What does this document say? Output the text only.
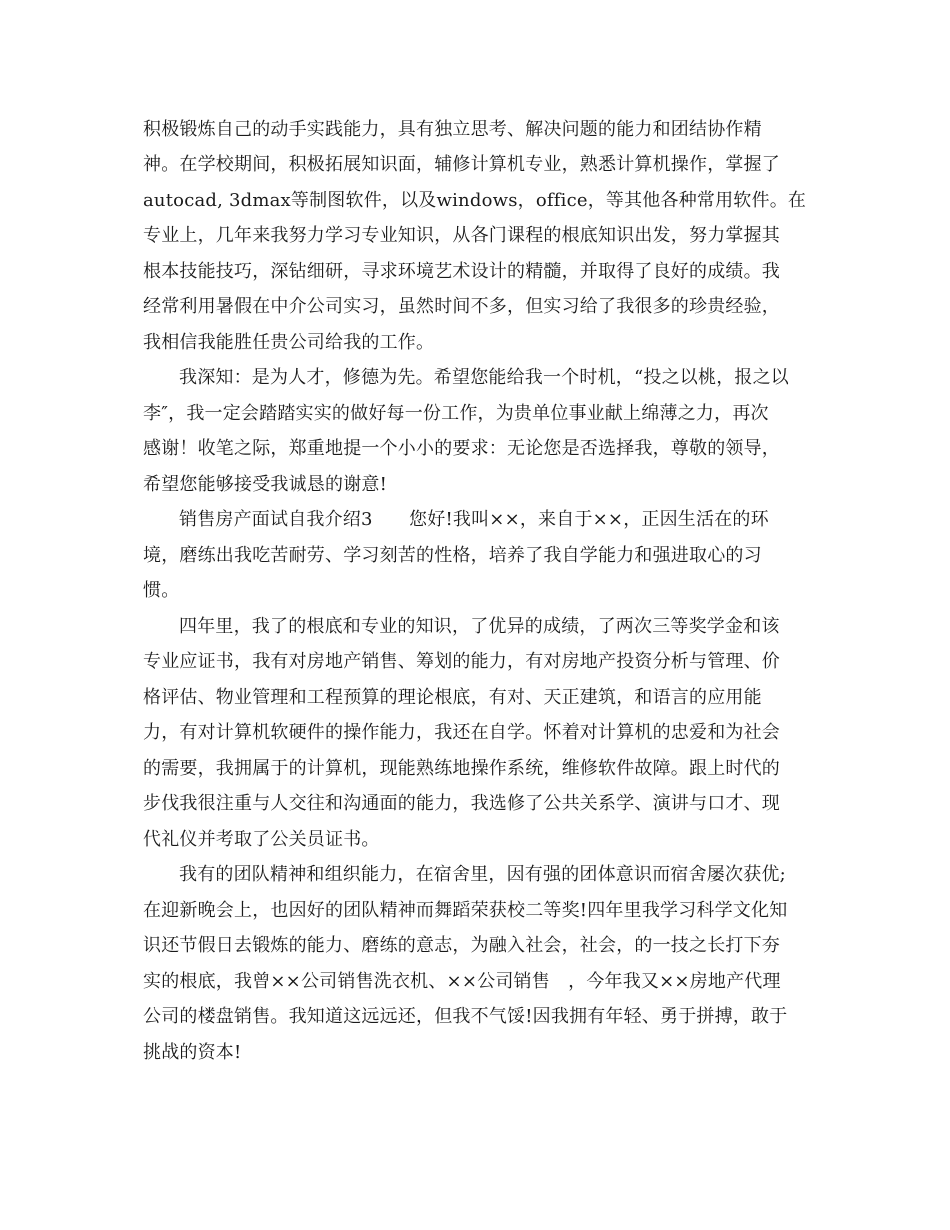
积极锻炼自己的动手实践能力，具有独立思考、解决问题的能力和团结协作精
神。在学校期间，积极拓展知识面，辅修计算机专业，熟悉计算机操作，掌握了
autocad, 3dmax等制图软件，以及windows，office，等其他各种常用软件。在
专业上，几年来我努力学习专业知识，从各门课程的根底知识出发，努力掌握其
根本技能技巧，深钻细研，寻求环境艺术设计的精髓，并取得了良好的成绩。我
经常利用暑假在中介公司实习，虽然时间不多，但实习给了我很多的珍贵经验，
我相信我能胜任贵公司给我的工作。
我深知：是为人才，修德为先。希望您能给我一个时机，“投之以桃，报之以
李″，我一定会踏踏实实的做好每一份工作，为贵单位事业献上绵薄之力，再次
感谢！收笔之际，郑重地提一个小小的要求：无论您是否选择我，尊敬的领导，
希望您能够接受我诚恳的谢意!
销售房产面试自我介绍3　　您好!我叫××，来自于××，正因生活在的环
境，磨练出我吃苦耐劳、学习刻苦的性格，培养了我自学能力和强进取心的习
惯。
四年里，我了的根底和专业的知识，了优异的成绩，了两次三等奖学金和该
专业应证书，我有对房地产销售、筹划的能力，有对房地产投资分析与管理、价
格评估、物业管理和工程预算的理论根底，有对、天正建筑，和语言的应用能
力，有对计算机软硬件的操作能力，我还在自学。怀着对计算机的忠爱和为社会
的需要，我拥属于的计算机，现能熟练地操作系统，维修软件故障。跟上时代的
步伐我很注重与人交往和沟通面的能力，我选修了公共关系学、演讲与口才、现
代礼仪并考取了公关员证书。
我有的团队精神和组织能力，在宿舍里，因有强的团体意识而宿舍屡次获优;
在迎新晚会上，也因好的团队精神而舞蹈荣获校二等奖!四年里我学习科学文化知
识还节假日去锻炼的能力、磨练的意志，为融入社会，社会，的一技之长打下夯
实的根底，我曾××公司销售洗衣机、××公司销售　，今年我又××房地产代理
公司的楼盘销售。我知道这远远还，但我不气馁!因我拥有年轻、勇于拼搏，敢于
挑战的资本!
